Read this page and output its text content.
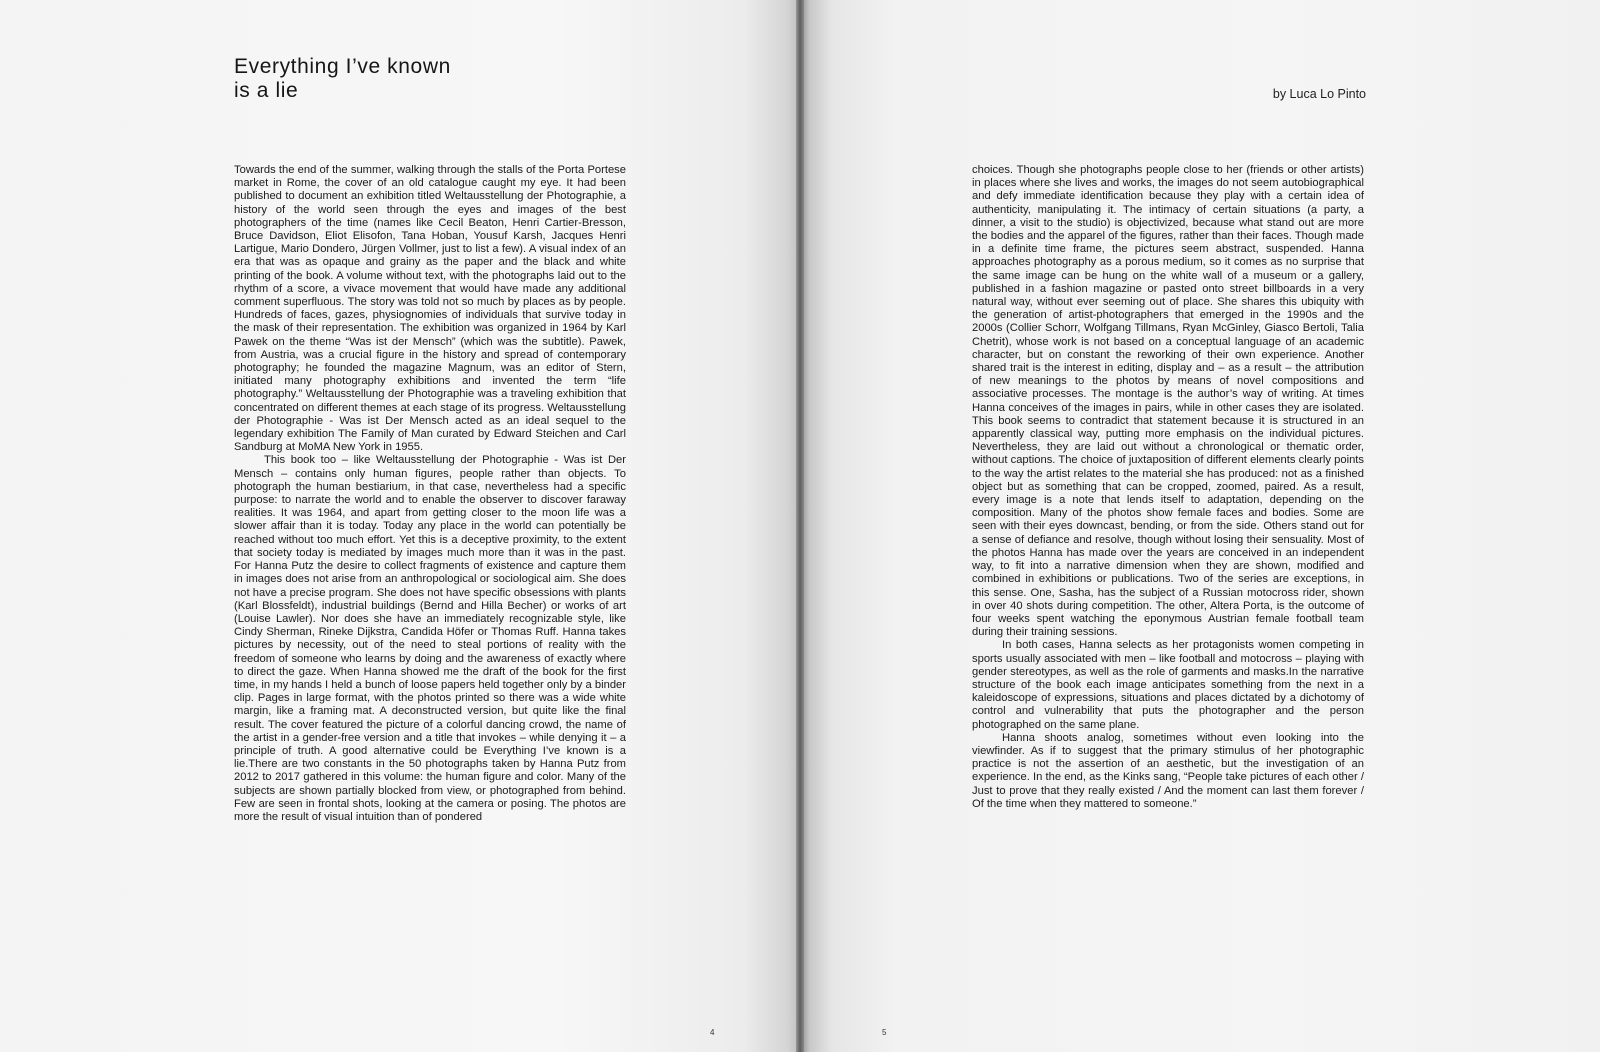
Everything I’ve known
is a lie

Towards the end of the summer, walking through the stalls of the Porta Portese market in Rome, the cover of an old catalogue caught my eye. It had been published to document an exhibition titled Weltausstellung der Photographie, a history of the world seen through the eyes and images of the best photographers of the time (names like Cecil Beaton, Henri Cartier-Bresson, Bruce Davidson, Eliot Elisofon, Tana Hoban, Yousuf Karsh, Jacques Henri Lartigue, Mario Dondero, Jürgen Vollmer, just to list a few). A visual index of an era that was as opaque and grainy as the paper and the black and white printing of the book. A volume without text, with the photographs laid out to the rhythm of a score, a vivace movement that would have made any additional comment superfluous. The story was told not so much by places as by people. Hundreds of faces, gazes, physiognomies of individuals that survive today in the mask of their representation. The exhibition was organized in 1964 by Karl Pawek on the theme “Was ist der Mensch” (which was the subtitle). Pawek, from Austria, was a crucial figure in the history and spread of contemporary photography; he founded the magazine Magnum, was an editor of Stern, initiated many photography exhibitions and invented the term “life photography.” Weltausstellung der Photographie was a traveling exhibition that concentrated on different themes at each stage of its progress. Weltausstellung der Photographie - Was ist Der Mensch acted as an ideal sequel to the legendary exhibition The Family of Man curated by Edward Steichen and Carl Sandburg at MoMA New York in 1955.

This book too – like Weltausstellung der Photographie - Was ist Der Mensch – contains only human figures, people rather than objects. To photograph the human bestiarium, in that case, nevertheless had a specific purpose: to narrate the world and to enable the observer to discover faraway realities. It was 1964, and apart from getting closer to the moon life was a slower affair than it is today. Today any place in the world can potentially be reached without too much effort. Yet this is a deceptive proximity, to the extent that society today is mediated by images much more than it was in the past. For Hanna Putz the desire to collect fragments of existence and capture them in images does not arise from an anthropological or sociological aim. She does not have a precise program. She does not have specific obsessions with plants (Karl Blossfeldt), industrial buildings (Bernd and Hilla Becher) or works of art (Louise Lawler). Nor does she have an immediately recognizable style, like Cindy Sherman, Rineke Dijkstra, Candida Höfer or Thomas Ruff. Hanna takes pictures by necessity, out of the need to steal portions of reality with the freedom of someone who learns by doing and the awareness of exactly where to direct the gaze. When Hanna showed me the draft of the book for the first time, in my hands I held a bunch of loose papers held together only by a binder clip. Pages in large format, with the photos printed so there was a wide white margin, like a framing mat. A deconstructed version, but quite like the final result. The cover featured the picture of a colorful dancing crowd, the name of the artist in a gender-free version and a title that invokes – while denying it – a principle of truth. A good alternative could be Everything I’ve known is a lie.There are two constants in the 50 photographs taken by Hanna Putz from 2012 to 2017 gathered in this volume: the human figure and color. Many of the subjects are shown partially blocked from view, or photographed from behind. Few are seen in frontal shots, looking at the camera or posing. The photos are more the result of visual intuition than of pondered

4
by Luca Lo Pinto

choices. Though she photographs people close to her (friends or other artists) in places where she lives and works, the images do not seem autobiographical and defy immediate identification because they play with a certain idea of authenticity, manipulating it. The intimacy of certain situations (a party, a dinner, a visit to the studio) is objectivized, because what stand out are more the bodies and the apparel of the figures, rather than their faces. Though made in a definite time frame, the pictures seem abstract, suspended. Hanna approaches photography as a porous medium, so it comes as no surprise that the same image can be hung on the white wall of a museum or a gallery, published in a fashion magazine or pasted onto street billboards in a very natural way, without ever seeming out of place. She shares this ubiquity with the generation of artist-photographers that emerged in the 1990s and the 2000s (Collier Schorr, Wolfgang Tillmans, Ryan McGinley, Giasco Bertoli, Talia Chetrit), whose work is not based on a conceptual language of an academic character, but on constant the reworking of their own experience. Another shared trait is the interest in editing, display and – as a result – the attribution of new meanings to the photos by means of novel compositions and associative processes. The montage is the author’s way of writing. At times Hanna conceives of the images in pairs, while in other cases they are isolated. This book seems to contradict that statement because it is structured in an apparently classical way, putting more emphasis on the individual pictures. Nevertheless, they are laid out without a chronological or thematic order, without captions. The choice of juxtaposition of different elements clearly points to the way the artist relates to the material she has produced: not as a finished object but as something that can be cropped, zoomed, paired. As a result, every image is a note that lends itself to adaptation, depending on the composition. Many of the photos show female faces and bodies. Some are seen with their eyes downcast, bending, or from the side. Others stand out for a sense of defiance and resolve, though without losing their sensuality. Most of the photos Hanna has made over the years are conceived in an independent way, to fit into a narrative dimension when they are shown, modified and combined in exhibitions or publications. Two of the series are exceptions, in this sense. One, Sasha, has the subject of a Russian motocross rider, shown in over 40 shots during competition. The other, Altera Porta, is the outcome of four weeks spent watching the eponymous Austrian female football team during their training sessions.

In both cases, Hanna selects as her protagonists women competing in sports usually associated with men – like football and motocross – playing with gender stereotypes, as well as the role of garments and masks.In the narrative structure of the book each image anticipates something from the next in a kaleidoscope of expressions, situations and places dictated by a dichotomy of control and vulnerability that puts the photographer and the person photographed on the same plane.

Hanna shoots analog, sometimes without even looking into the viewfinder. As if to suggest that the primary stimulus of her photographic practice is not the assertion of an aesthetic, but the investigation of an experience. In the end, as the Kinks sang, “People take pictures of each other / Just to prove that they really existed / And the moment can last them forever / Of the time when they mattered to someone.”

5
